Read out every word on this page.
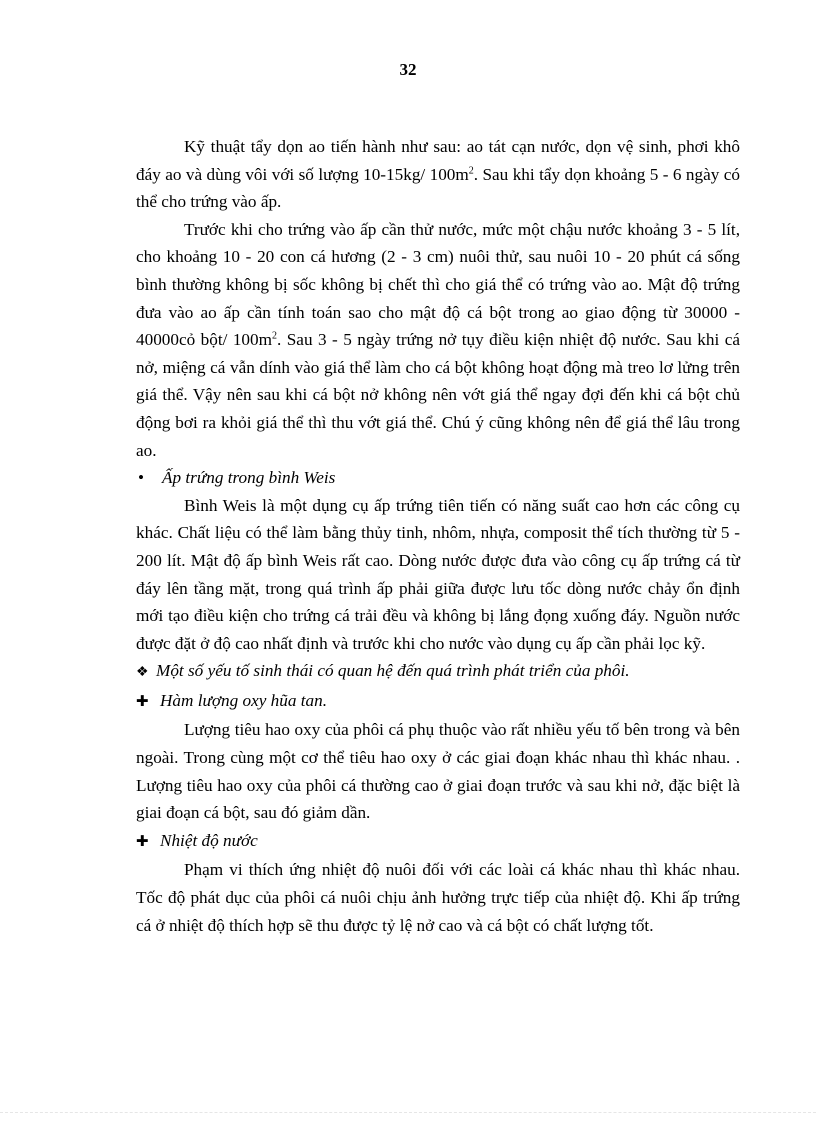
32

Kỹ thuật tẩy dọn ao tiến hành như sau: ao tát cạn nước, dọn vệ sinh, phơi khô đáy ao và dùng vôi với số lượng 10-15kg/ $100m^2$. Sau khi tẩy dọn khoảng 5 - 6 ngày có thể cho trứng vào ấp.

Trước khi cho trứng vào ấp cần thử nước, mức một chậu nước khoảng 3 - 5 lít, cho khoảng 10 - 20 con cá hương (2 - 3 cm) nuôi thử, sau nuôi 10 - 20 phút cá sống bình thường không bị sốc không bị chết thì cho giá thể có trứng vào ao. Mật độ trứng đưa vào ao ấp cần tính toán sao cho mật độ cá bột trong ao giao động từ 30000 - 40000cỏ bột/ $100m^2$. Sau 3 - 5 ngày trứng nở tụy điều kiện nhiệt độ nước. Sau khi cá nở, miệng cá vẫn dính vào giá thể làm cho cá bột không hoạt động mà treo lơ lửng trên giá thể. Vậy nên sau khi cá bột nở không nên vớt giá thể ngay đợi đến khi cá bột chủ động bơi ra khỏi giá thể thì thu vớt giá thể. Chú ý cũng không nên để giá thể lâu trong ao.

•	Ấp trứng trong bình Weis

Bình Weis là một dụng cụ ấp trứng tiên tiến có năng suất cao hơn các công cụ khác. Chất liệu có thể làm bằng thủy tinh, nhôm, nhựa, composit thể tích thường từ 5 - 200 lít. Mật độ ấp bình Weis rất cao. Dòng nước được đưa vào công cụ ấp trứng cá từ đáy lên tầng mặt, trong quá trình ấp phải giữa được lưu tốc dòng nước chảy ổn định mới tạo điều kiện cho trứng cá trải đều và không bị lắng đọng xuống đáy. Nguồn nước được đặt ở độ cao nhất định và trước khi cho nước vào dụng cụ ấp cần phải lọc kỹ.

❖ Một số yếu tố sinh thái có quan hệ đến quá trình phát triển của phôi.
✚ Hàm lượng oxy hũa tan.

Lượng tiêu hao oxy của phôi cá phụ thuộc vào rất nhiều yếu tố bên trong và bên ngoài. Trong cùng một cơ thể tiêu hao oxy ở các giai đoạn khác nhau thì khác nhau. . Lượng tiêu hao oxy của phôi cá thường cao ở giai đoạn trước và sau khi nở, đặc biệt là giai đoạn cá bột, sau đó giảm dần.

✚ Nhiệt độ nước

Phạm vi thích ứng nhiệt độ nuôi đối với các loài cá khác nhau thì khác nhau. Tốc độ phát dục của phôi cá nuôi chịu ảnh hưởng trực tiếp của nhiệt độ. Khi ấp trứng cá ở nhiệt độ thích hợp sẽ thu được tỷ lệ nở cao và cá bột có chất lượng tốt.
